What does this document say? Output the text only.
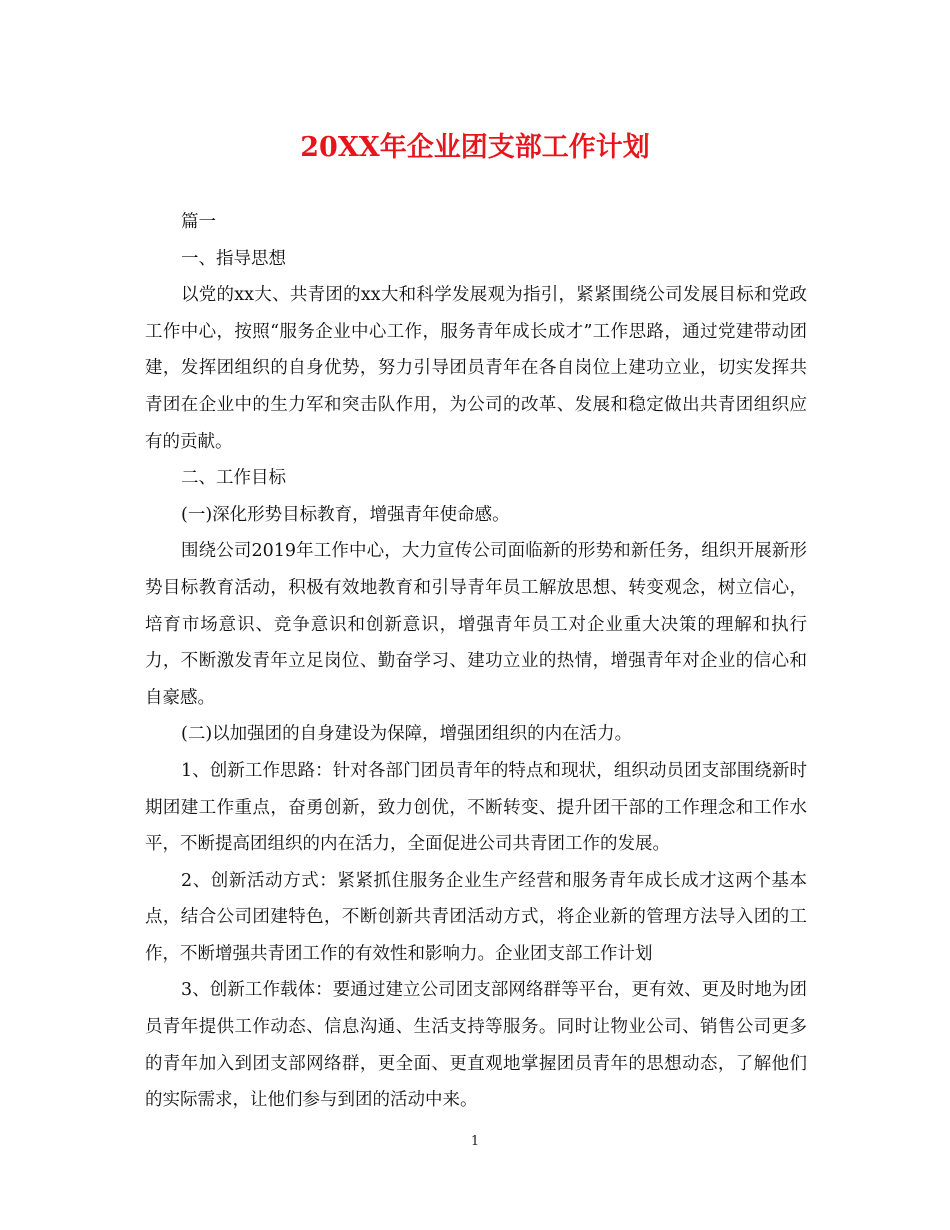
20XX年企业团支部工作计划

篇一

一、指导思想

以党的xx大、共青团的xx大和科学发展观为指引，紧紧围绕公司发展目标和党政工作中心，按照“服务企业中心工作，服务青年成长成才”工作思路，通过党建带动团建，发挥团组织的自身优势，努力引导团员青年在各自岗位上建功立业，切实发挥共青团在企业中的生力军和突击队作用，为公司的改革、发展和稳定做出共青团组织应有的贡献。

二、工作目标

(一)深化形势目标教育，增强青年使命感。

围绕公司2019年工作中心，大力宣传公司面临新的形势和新任务，组织开展新形势目标教育活动，积极有效地教育和引导青年员工解放思想、转变观念，树立信心，培育市场意识、竞争意识和创新意识，增强青年员工对企业重大决策的理解和执行力，不断激发青年立足岗位、勤奋学习、建功立业的热情，增强青年对企业的信心和自豪感。

(二)以加强团的自身建设为保障，增强团组织的内在活力。

1、创新工作思路：针对各部门团员青年的特点和现状，组织动员团支部围绕新时期团建工作重点，奋勇创新，致力创优，不断转变、提升团干部的工作理念和工作水平，不断提高团组织的内在活力，全面促进公司共青团工作的发展。

2、创新活动方式：紧紧抓住服务企业生产经营和服务青年成长成才这两个基本点，结合公司团建特色，不断创新共青团活动方式，将企业新的管理方法导入团的工作，不断增强共青团工作的有效性和影响力。企业团支部工作计划

3、创新工作载体：要通过建立公司团支部网络群等平台，更有效、更及时地为团员青年提供工作动态、信息沟通、生活支持等服务。同时让物业公司、销售公司更多的青年加入到团支部网络群，更全面、更直观地掌握团员青年的思想动态，了解他们的实际需求，让他们参与到团的活动中来。

1
